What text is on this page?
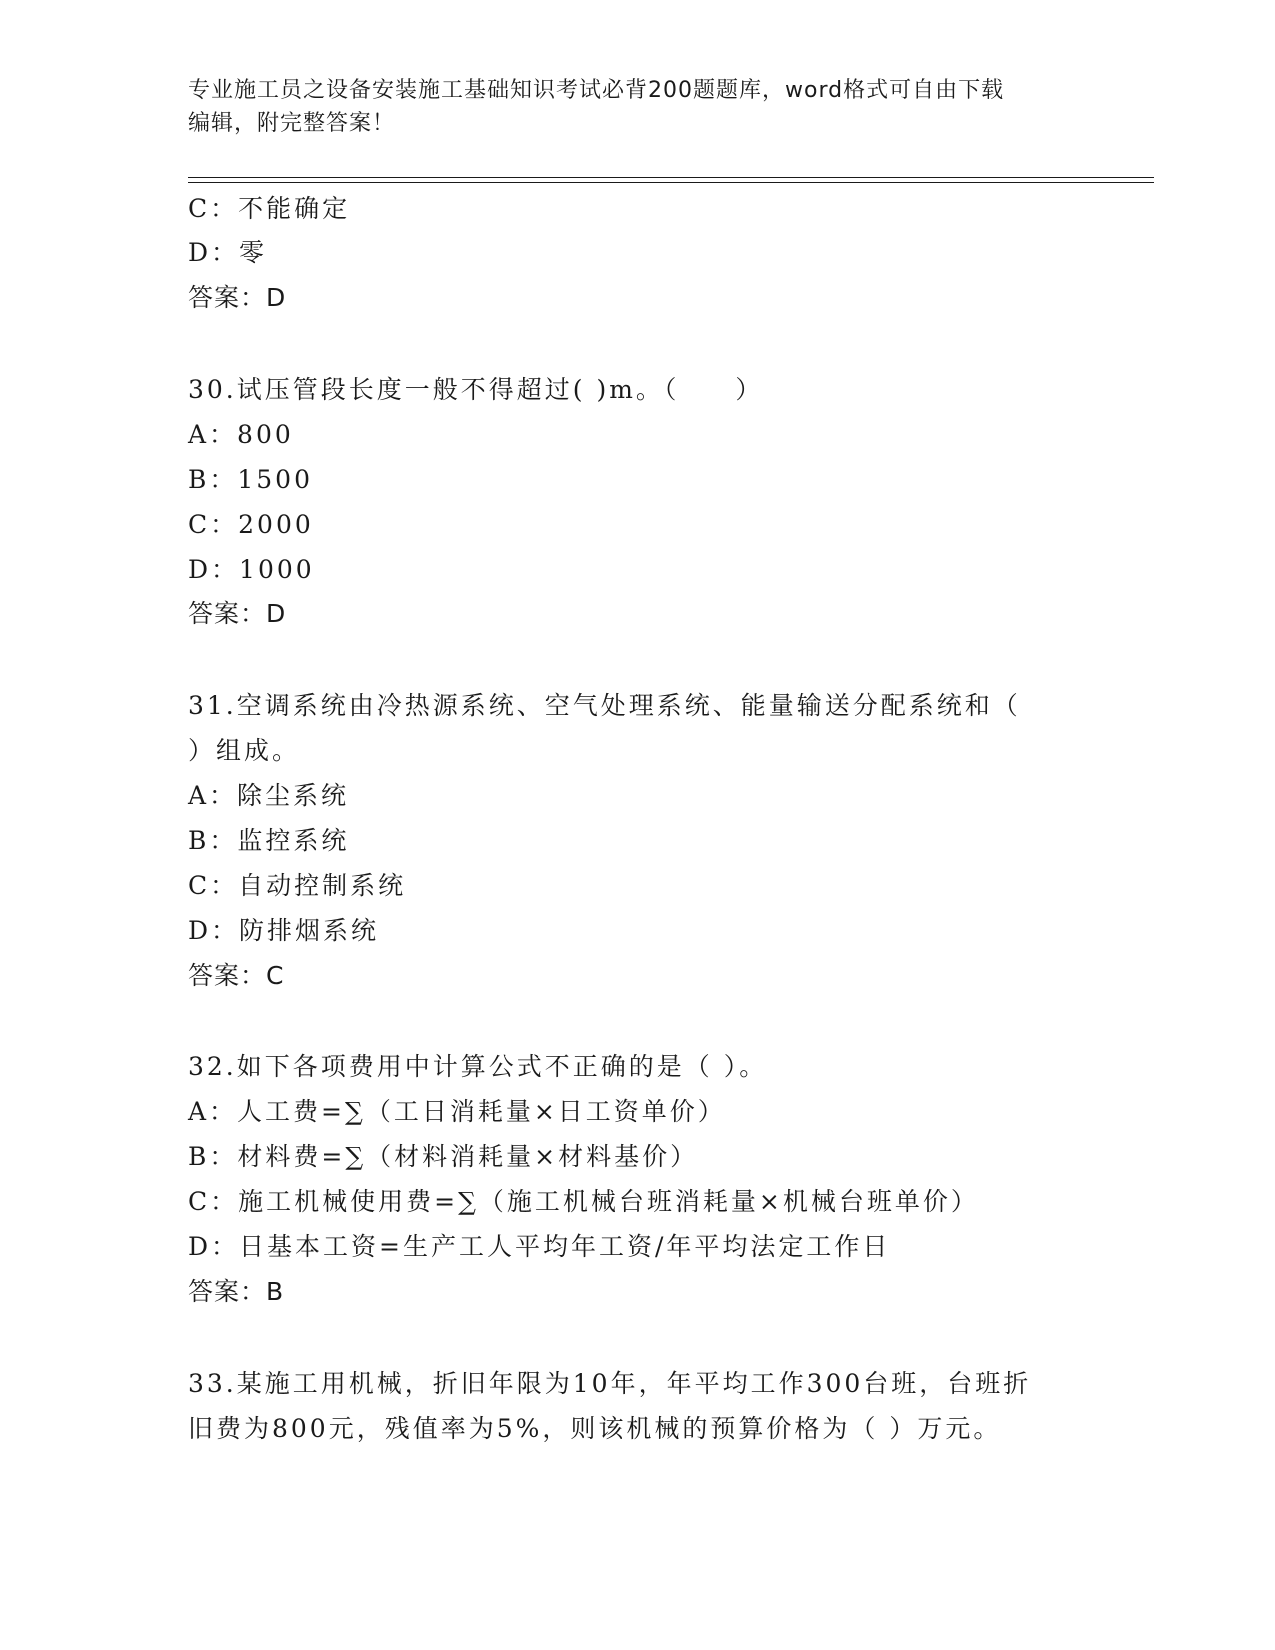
专业施工员之设备安装施工基础知识考试必背200题题库，word格式可自由下载
编辑，附完整答案！
C：不能确定
D：零
答案：D
30.试压管段长度一般不得超过( )m。（　　）
A：800
B：1500
C：2000
D：1000
答案：D
31.空调系统由冷热源系统、空气处理系统、能量输送分配系统和（
）组成。
A：除尘系统
B：监控系统
C：自动控制系统
D：防排烟系统
答案：C
32.如下各项费用中计算公式不正确的是（ ）。
A：人工费=∑（工日消耗量×日工资单价）
B：材料费=∑（材料消耗量×材料基价）
C：施工机械使用费=∑（施工机械台班消耗量×机械台班单价）
D：日基本工资=生产工人平均年工资/年平均法定工作日
答案：B
33.某施工用机械，折旧年限为10年，年平均工作300台班，台班折
旧费为800元，残值率为5%，则该机械的预算价格为（ ）万元。
